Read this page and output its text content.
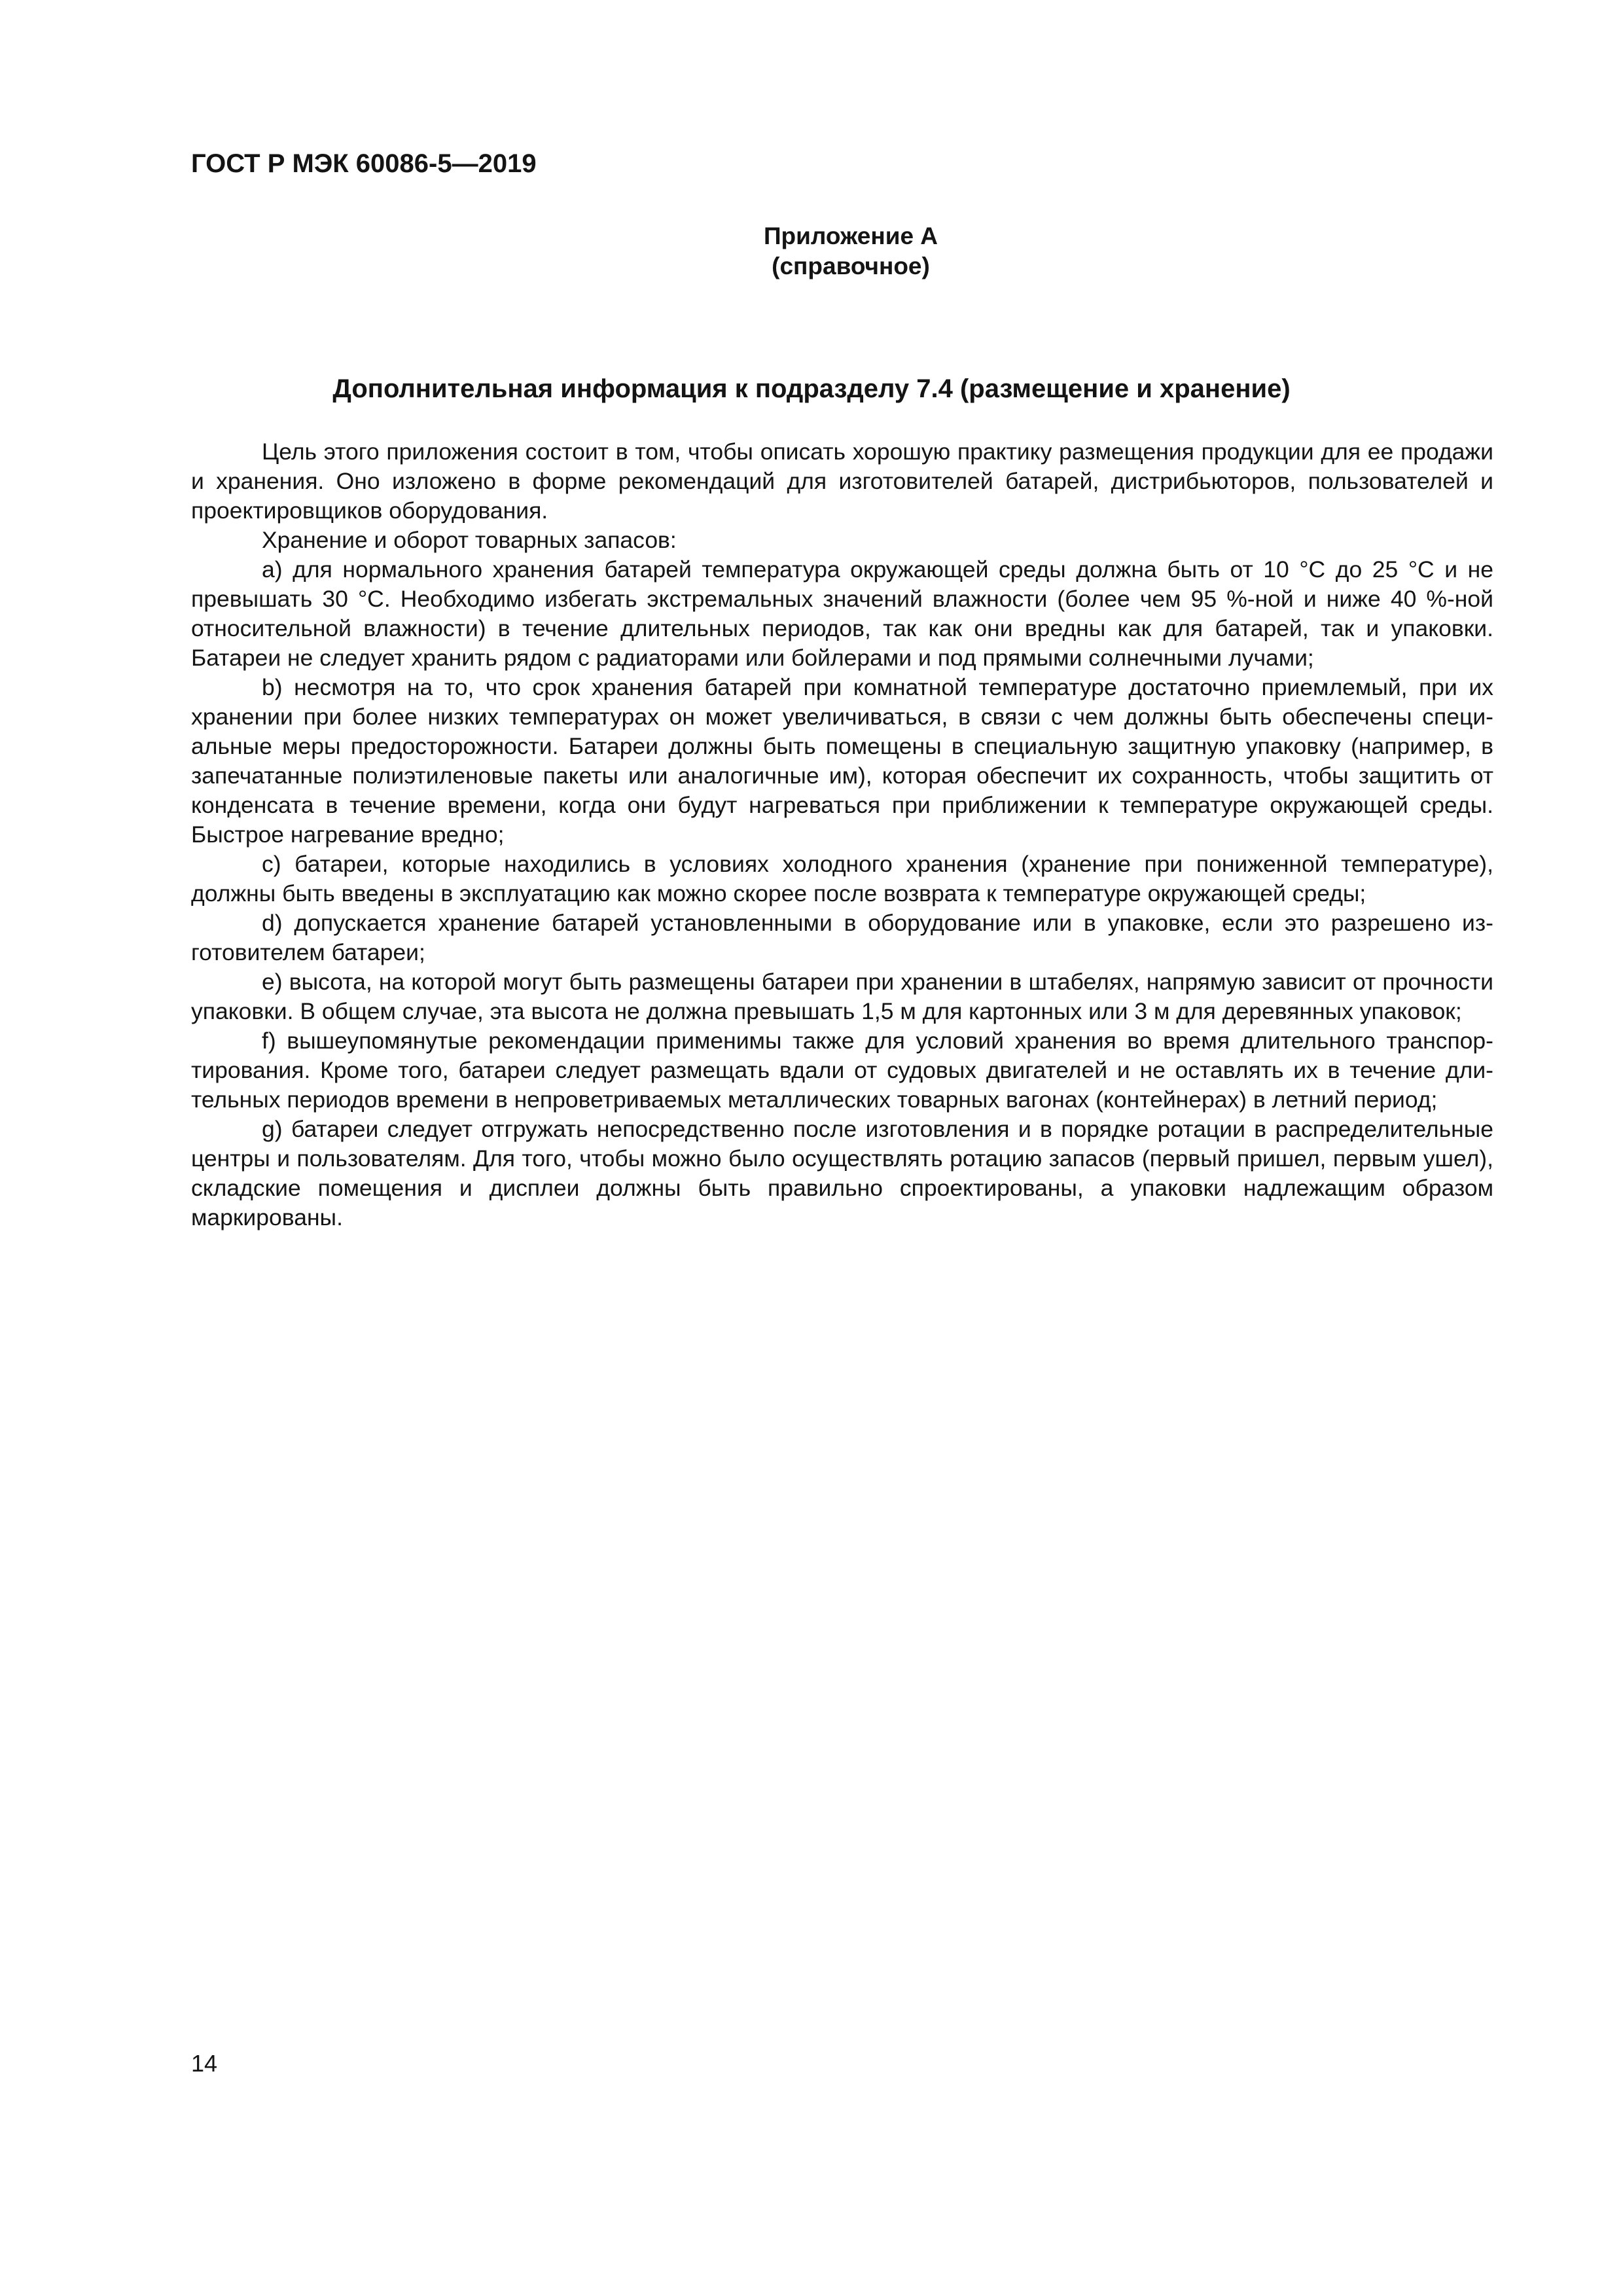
ГОСТ Р МЭК 60086-5—2019
Приложение А
(справочное)
Дополнительная информация к подразделу 7.4 (размещение и хранение)

Цель этого приложения состоит в том, чтобы описать хорошую практику размещения продукции для ее продажи и хранения. Оно изложено в форме рекомендаций для изготовителей батарей, дистрибьюторов, пользователей и проектировщиков оборудования.

Хранение и оборот товарных запасов:

a) для нормального хранения батарей температура окружающей среды должна быть от 10 °С до 25 °С и не превышать 30 °С. Необходимо избегать экстремальных значений влажности (более чем 95 %-ной и ниже 40 %-ной относительной влажности) в течение длительных периодов, так как они вредны как для батарей, так и упаковки. Батареи не следует хранить рядом с радиаторами или бойлерами и под прямыми солнечными лучами;

b) несмотря на то, что срок хранения батарей при комнатной температуре достаточно приемлемый, при их хранении при более низких температурах он может увеличиваться, в связи с чем должны быть обеспечены специальные меры предосторожности. Батареи должны быть помещены в специальную защитную упаковку (например, в запечатанные полиэтиленовые пакеты или аналогичные им), которая обеспечит их сохранность, чтобы защитить от конденсата в течение времени, когда они будут нагреваться при приближении к температуре окружающей среды. Быстрое нагревание вредно;

c) батареи, которые находились в условиях холодного хранения (хранение при пониженной температуре), должны быть введены в эксплуатацию как можно скорее после возврата к температуре окружающей среды;

d) допускается хранение батарей установленными в оборудование или в упаковке, если это разрешено изготовителем батареи;

e) высота, на которой могут быть размещены батареи при хранении в штабелях, напрямую зависит от прочности упаковки. В общем случае, эта высота не должна превышать 1,5 м для картонных или 3 м для деревянных упаковок;

f) вышеупомянутые рекомендации применимы также для условий хранения во время длительного транспортирования. Кроме того, батареи следует размещать вдали от судовых двигателей и не оставлять их в течение длительных периодов времени в непроветриваемых металлических товарных вагонах (контейнерах) в летний период;

g) батареи следует отгружать непосредственно после изготовления и в порядке ротации в распределительные центры и пользователям. Для того, чтобы можно было осуществлять ротацию запасов (первый пришел, первым ушел), складские помещения и дисплеи должны быть правильно спроектированы, а упаковки надлежащим образом маркированы.

14
